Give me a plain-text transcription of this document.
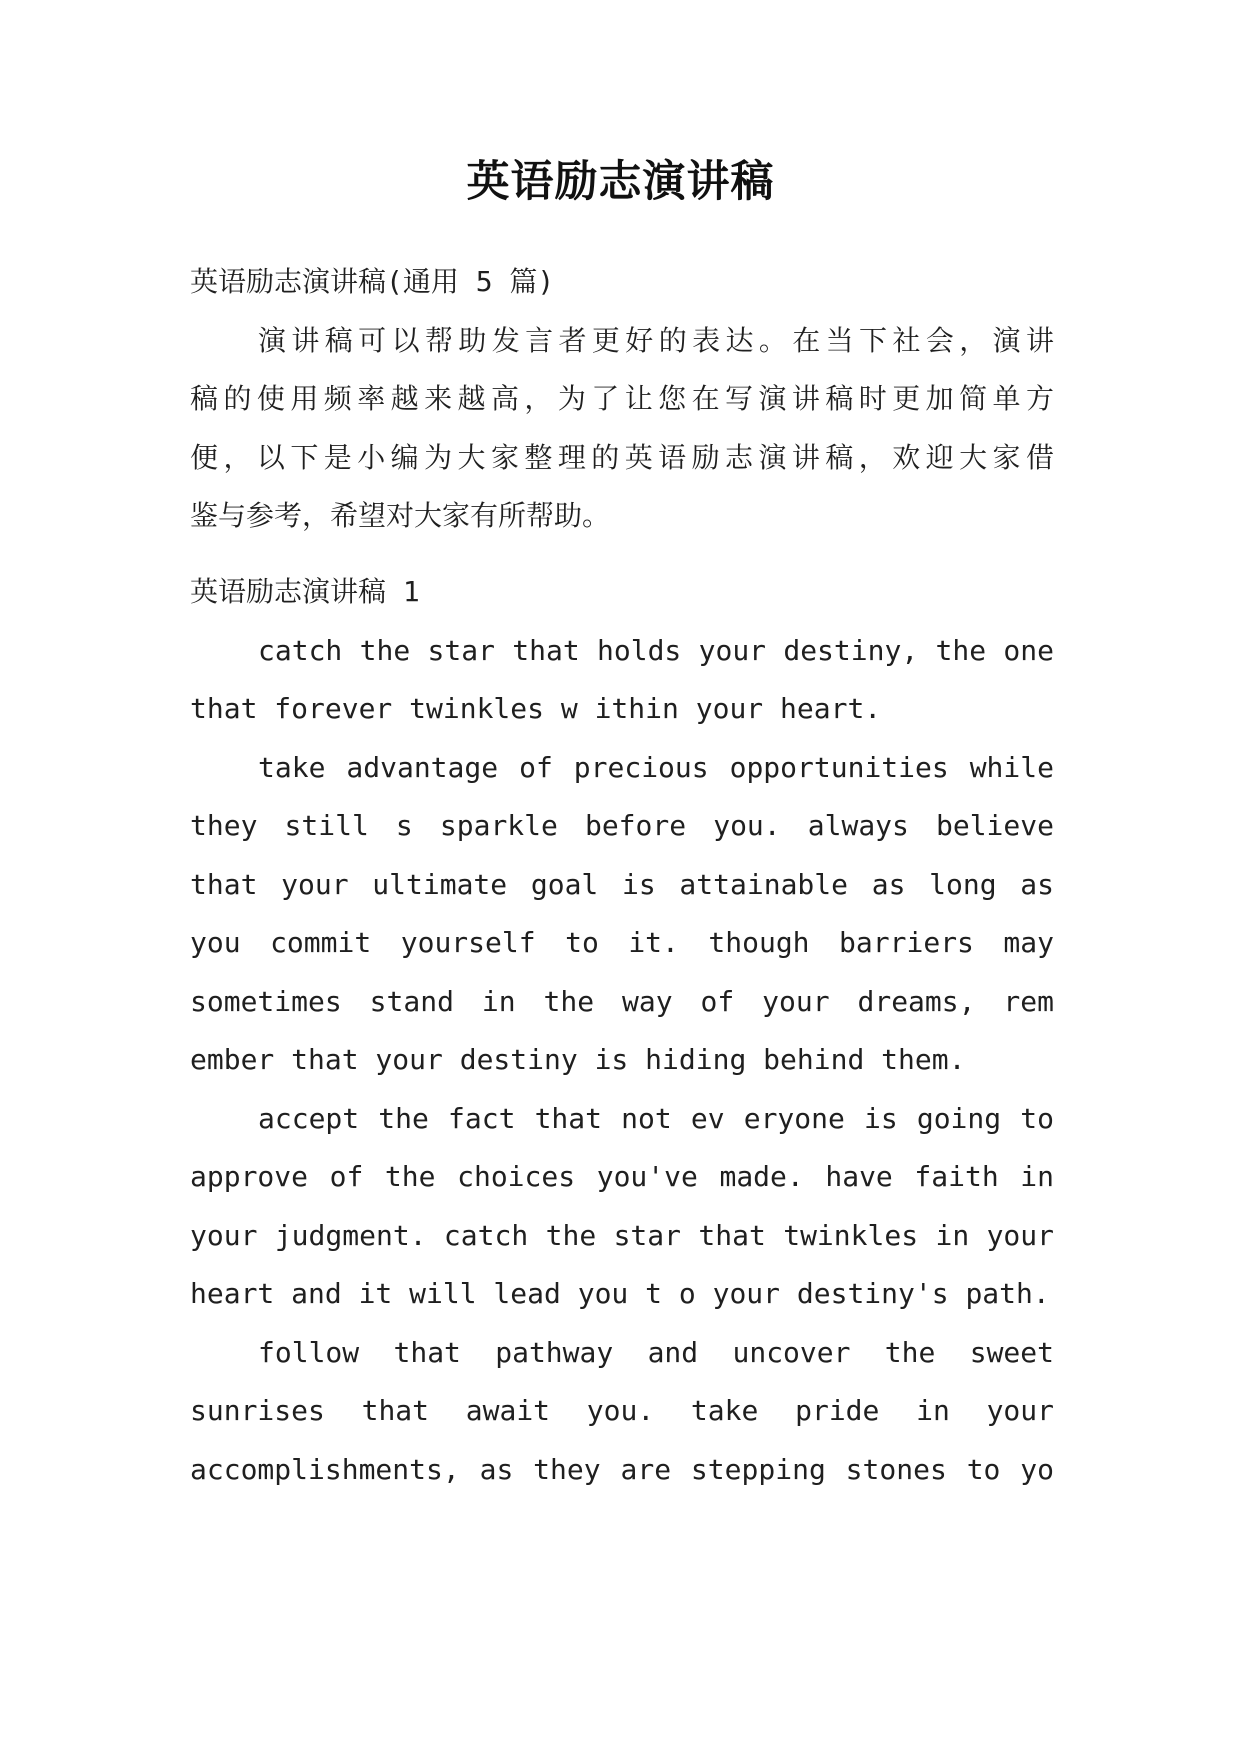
英语励志演讲稿
英语励志演讲稿(通用 5 篇)
演讲稿可以帮助发言者更好的表达。在当下社会，演讲
稿的使用频率越来越高，为了让您在写演讲稿时更加简单方
便，以下是小编为大家整理的英语励志演讲稿，欢迎大家借
鉴与参考，希望对大家有所帮助。
英语励志演讲稿 1
catch the star that holds your destiny, the one
that forever twinkles w ithin your heart.
take advantage of precious opportunities while
they still s sparkle before you. always believe
that your ultimate goal is attainable as long as
you commit yourself to it. though barriers may
sometimes stand in the way of your dreams, rem
ember that your destiny is hiding behind them.
accept the fact that not ev eryone is going to
approve of the choices you've made. have faith in
your judgment. catch the star that twinkles in your
heart and it will lead you t o your destiny's path.
follow that pathway and uncover the sweet
sunrises that await you. take pride in your
accomplishments, as they are stepping stones to yo
